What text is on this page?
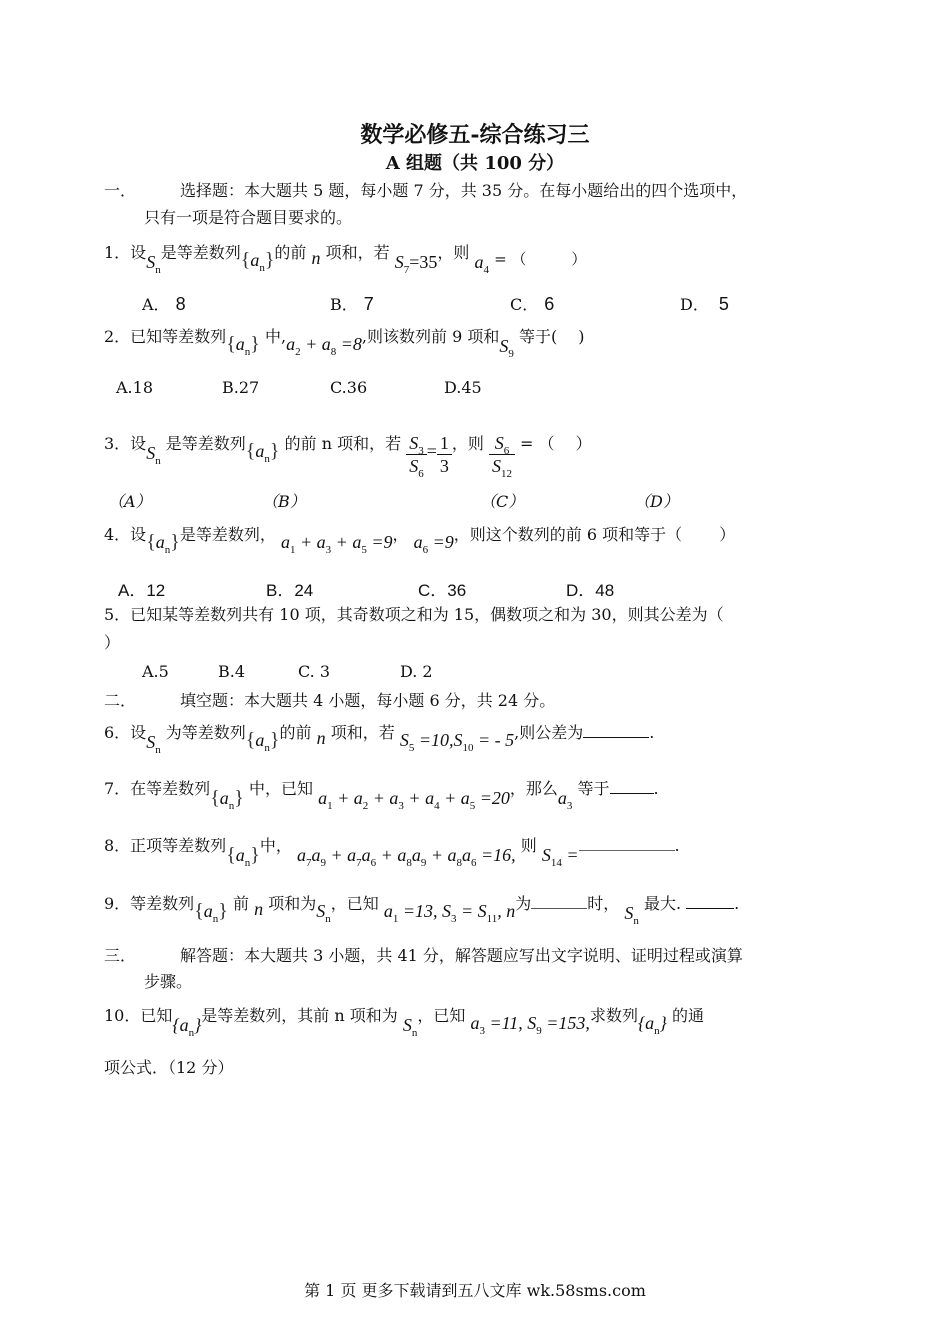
数学必修五-综合练习三
A 组题（共 100 分）
一．	选择题：本大题共 5 题，每小题 7 分，共 35 分。在每小题给出的四个选项中，
只有一项是符合题目要求的。
1．设$S_n$是等差数列$\{a_n\}$的前 n 项和，若 $S_7=35$，则 $a_4$ = （　　　）
A． 8	B． 7	C． 6	D． 5
2．已知等差数列$\{a_n\}$ 中$,a_2 + a_8 =8$,则该数列前 9 项和$S_9$ 等于(　 )
A.18	B.27	C.36	D.45
3．设$S_n$ 是等差数列$\{a_n\}$ 的前 n 项和，若 $\frac{S_3}{S_6} = \frac{1}{3}$ ，则 $\frac{S_6}{S_{12}}$ = （　 ）
（A）	（B）	（C）	（D）
4．设$\{a_n\}$是等差数列， $a_1 + a_3 + a_5 =9$， $a_6 =9$，则这个数列的前 6 项和等于（　　 ）
A．12	B．24	C．36	D．48
5．已知某等差数列共有 10 项，其奇数项之和为 15，偶数项之和为 30，则其公差为（
）
A.5	B.4	C. 3	D. 2
二．	填空题：本大题共 4 小题，每小题 6 分，共 24 分。
6．设$S_n$ 为等差数列$\{a_n\}$的前 n 项和，若 $S_5 =10,S_{10}$ = - 5,则公差为	.
7．在等差数列$\{a_n\}$ 中，已知 $a_1 + a_2 + a_3 + a_4 + a_5 =20$，那么$a_3$ 等于	.
8．正项等差数列$\{a_n\}$中， $a_7a_9 + a_7a_6 + a_8a_9 + a_8a_6 =16$, 则 $S_{14}$ =	.
9．等差数列$\{a_n\}$ 前 n 项和为$S_n$，已知 $a_1 =13$, $S_3 = S_{11}$, n为	时， $S_n$ 最大.	.
三．	解答题：本大题共 3 小题，共 41 分，解答题应写出文字说明、证明过程或演算
步骤。
10．已知$\{a_n\}$是等差数列，其前 n 项和为 $S_n$，已知 $a_3 =11$, $S_9 =153$,求数列$\{a_n\}$ 的通
项公式．（12 分）
第 1 页 更多下载请到五八文库 wk.58sms.com
